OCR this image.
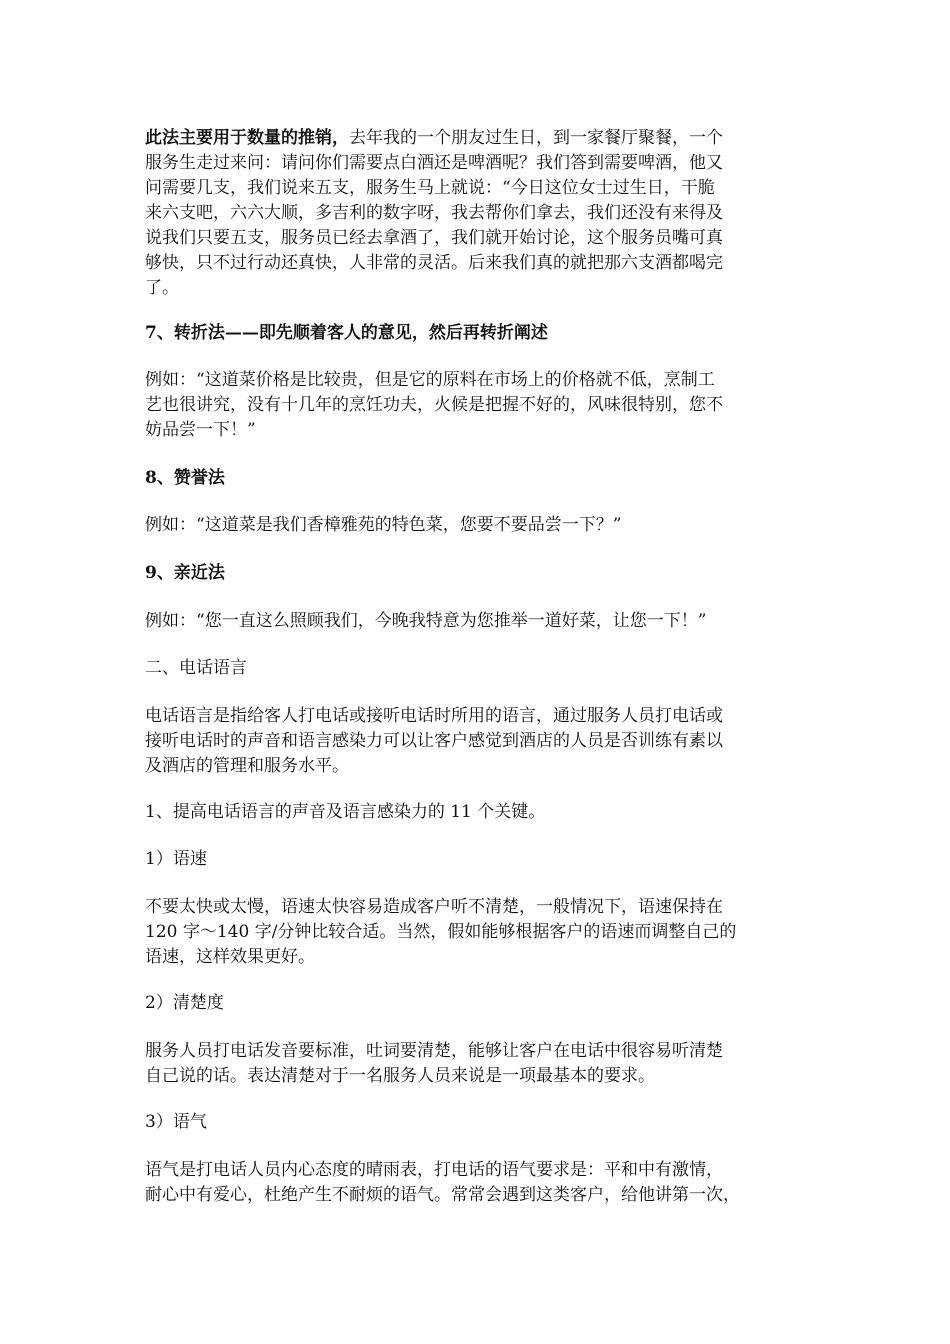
此法主要用于数量的推销，去年我的一个朋友过生日，到一家餐厅聚餐，一个
服务生走过来问：请问你们需要点白酒还是啤酒呢？我们答到需要啤酒，他又
问需要几支，我们说来五支，服务生马上就说：“今日这位女士过生日，干脆
来六支吧，六六大顺，多吉利的数字呀，我去帮你们拿去，我们还没有来得及
说我们只要五支，服务员已经去拿酒了，我们就开始讨论，这个服务员嘴可真
够快，只不过行动还真快，人非常的灵活。后来我们真的就把那六支酒都喝完
了。

7、转折法——即先顺着客人的意见，然后再转折阐述

例如：“这道菜价格是比较贵，但是它的原料在市场上的价格就不低，烹制工
艺也很讲究，没有十几年的烹饪功夫，火候是把握不好的，风味很特别，您不
妨品尝一下！”

8、赞誉法

例如：“这道菜是我们香樟雅苑的特色菜，您要不要品尝一下？”

9、亲近法

例如：“您一直这么照顾我们，今晚我特意为您推举一道好菜，让您一下！”

二、电话语言

电话语言是指给客人打电话或接听电话时所用的语言，通过服务人员打电话或
接听电话时的声音和语言感染力可以让客户感觉到酒店的人员是否训练有素以
及酒店的管理和服务水平。

1、提高电话语言的声音及语言感染力的 11 个关键。

1）语速

不要太快或太慢，语速太快容易造成客户听不清楚，一般情况下，语速保持在
120 字～140 字/分钟比较合适。当然，假如能够根据客户的语速而调整自己的
语速，这样效果更好。

2）清楚度

服务人员打电话发音要标准，吐词要清楚，能够让客户在电话中很容易听清楚
自己说的话。表达清楚对于一名服务人员来说是一项最基本的要求。

3）语气

语气是打电话人员内心态度的晴雨表，打电话的语气要求是：平和中有激情，
耐心中有爱心，杜绝产生不耐烦的语气。常常会遇到这类客户，给他讲第一次，
